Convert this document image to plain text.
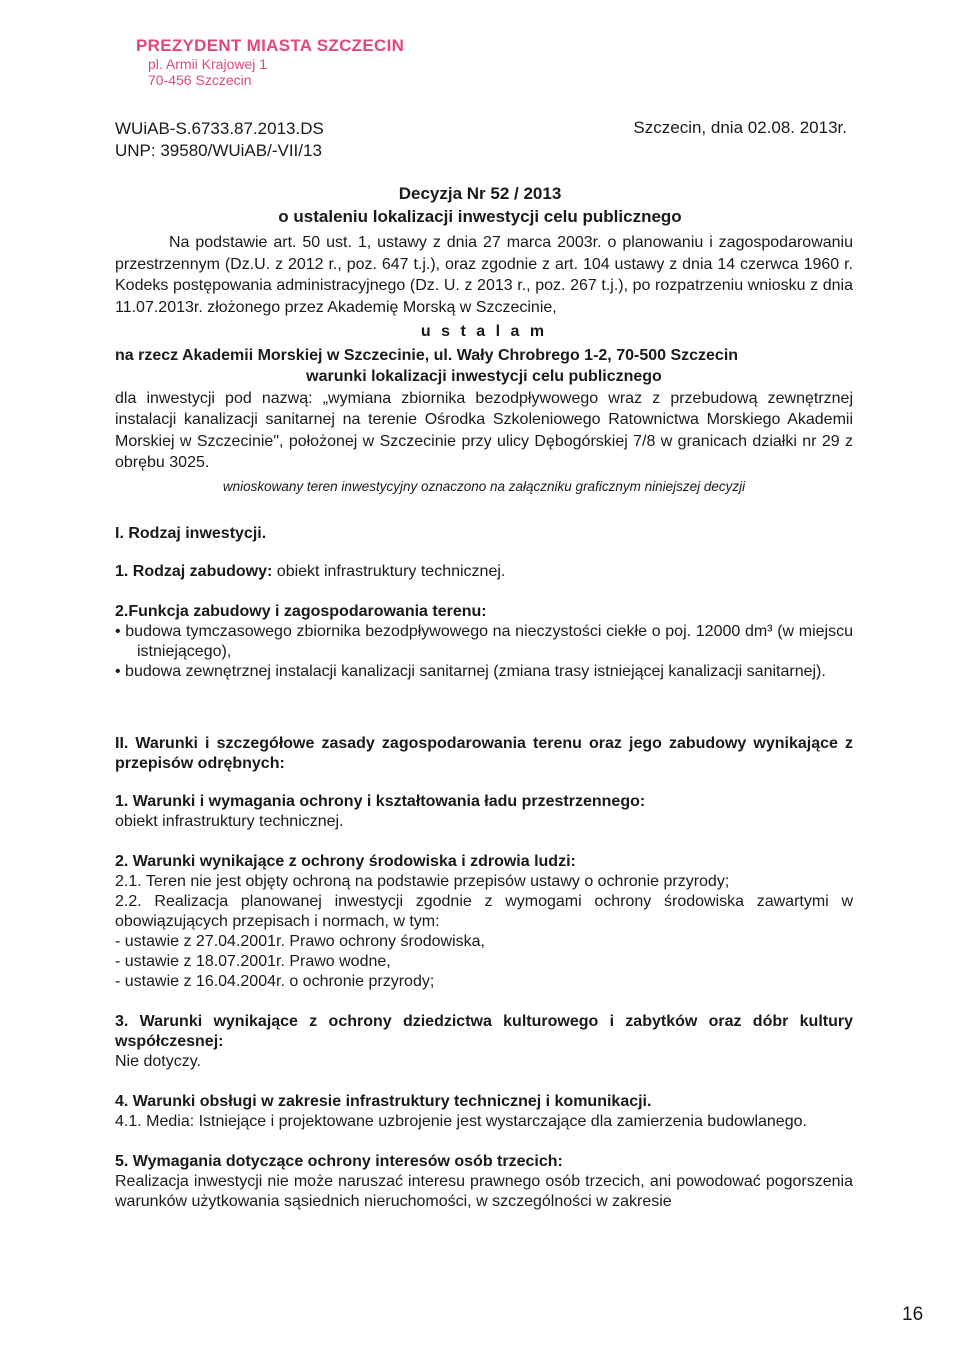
PREZYDENT MIASTA SZCZECIN
pl. Armii Krajowej 1
70-456 Szczecin
WUiAB-S.6733.87.2013.DS
UNP: 39580/WUiAB/-VII/13
Szczecin, dnia 02.08. 2013r.
Decyzja Nr 52 / 2013
o ustaleniu lokalizacji inwestycji celu publicznego
Na podstawie art. 50 ust. 1, ustawy z dnia 27 marca 2003r. o planowaniu i zagospodarowaniu przestrzennym (Dz.U. z 2012 r., poz. 647 t.j.), oraz zgodnie z art. 104 ustawy z dnia 14 czerwca 1960 r. Kodeks postępowania administracyjnego (Dz. U. z 2013 r., poz. 267 t.j.), po rozpatrzeniu wniosku z dnia 11.07.2013r. złożonego przez Akademię Morską w Szczecinie,
u s t a l a m
na rzecz Akademii Morskiej w Szczecinie, ul. Wały Chrobrego 1-2, 70-500 Szczecin
warunki lokalizacji inwestycji celu publicznego
dla inwestycji pod nazwą: „wymiana zbiornika bezodpływowego wraz z przebudową zewnętrznej instalacji kanalizacji sanitarnej na terenie Ośrodka Szkoleniowego Ratownictwa Morskiego Akademii Morskiej w Szczecinie", położonej w Szczecinie przy ulicy Dębogórskiej 7/8 w granicach działki nr 29 z obrębu 3025.
wnioskowany teren inwestycyjny oznaczono na załączniku graficznym niniejszej decyzji

I. Rodzaj inwestycji.

1. Rodzaj zabudowy: obiekt infrastruktury technicznej.

2.Funkcja zabudowy i zagospodarowania terenu:

• budowa tymczasowego zbiornika bezodpływowego na nieczystości ciekłe o poj. 12000 dm³ (w miejscu istniejącego),

• budowa zewnętrznej instalacji kanalizacji sanitarnej (zmiana trasy istniejącej kanalizacji sanitarnej).

II. Warunki i szczegółowe zasady zagospodarowania terenu oraz jego zabudowy wynikające z przepisów odrębnych:

1. Warunki i wymagania ochrony i kształtowania ładu przestrzennego:

obiekt infrastruktury technicznej.

2. Warunki wynikające z ochrony środowiska i zdrowia ludzi:

2.1. Teren nie jest objęty ochroną na podstawie przepisów ustawy o ochronie przyrody;

2.2. Realizacja planowanej inwestycji zgodnie z wymogami ochrony środowiska zawartymi w obowiązujących przepisach i normach, w tym:

- ustawie z 27.04.2001r. Prawo ochrony środowiska,

- ustawie z 18.07.2001r. Prawo wodne,

- ustawie z 16.04.2004r. o ochronie przyrody;

3. Warunki wynikające z ochrony dziedzictwa kulturowego i zabytków oraz dóbr kultury współczesnej:

Nie dotyczy.

4. Warunki obsługi w zakresie infrastruktury technicznej i komunikacji.

4.1. Media: Istniejące i projektowane uzbrojenie jest wystarczające dla zamierzenia budowlanego.

5. Wymagania dotyczące ochrony interesów osób trzecich:

Realizacja inwestycji nie może naruszać interesu prawnego osób trzecich, ani powodować pogorszenia warunków użytkowania sąsiednich nieruchomości, w szczególności w zakresie

16
